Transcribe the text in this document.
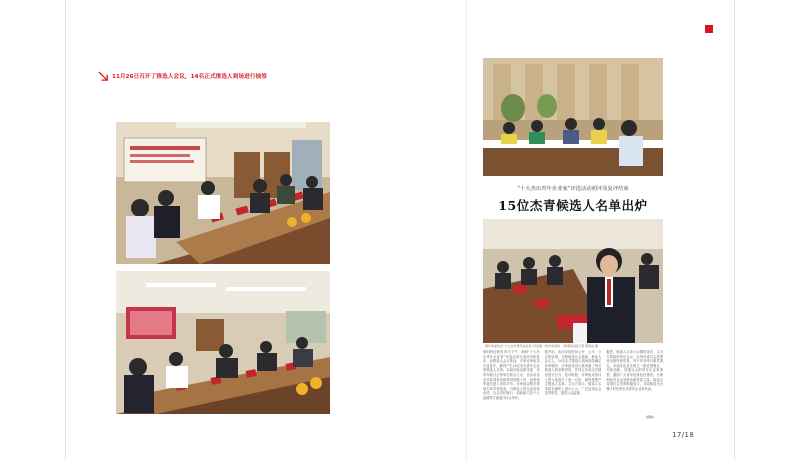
11月26日召开了推选人会议，14名正式推选人到场进行抽签
“十大杰出青年企业家”评选活动初评及复评结束
15位杰青候选人名单出炉
据评审委员会“十大杰出青年企业家”评选第一轮评审现场　深圳特区报记者 陈海斌 摄
深圳特区报讯 昨天下午，深圳“十大杰出青年企业家”评选活动完成初评和复评，经推选人会议推选、专家评审组初评及复评，最终产生15位杰出青年企业家候选人名单。本届评选由团市委、市青年联合会等单位联合主办，自启动以来共收到有效推荐材料数十份，经资格审查后进入初评环节。评审组由相关领域专家学者组成，对候选人的企业经营业绩、社会责任履行、创新能力及个人品德等方面进行综合考评。
据介绍，此次评选坚持公开、公平、公正的原则，全程接受社会监督。推选人会议上，14名正式推选人现场抽签确定评审顺序，评审组成员认真审阅了每位候选人的申报材料，并结合实地走访情况进行打分。复评阶段，评审组对初评入围人选进行了逐一讨论，最终投票产生候选人名单。主办方表示，候选人名单将在媒体上进行公示，广泛征求社会各界意见，接受公众监督。
据悉，候选人名单公示期结束后，主办方将组织终评会议，由终评委员会投票选出最终获奖者，并于年底举行颁奖典礼。本届评选旨在树立一批爱国敬业、开拓创新、回报社会的青年企业家典型，激励广大青年投身经济建设，为深圳经济社会发展贡献青春力量。组委会希望社会各界积极参与，共同推选出无愧于时代的杰出青年企业家代表。
(陈彬)
17/18
